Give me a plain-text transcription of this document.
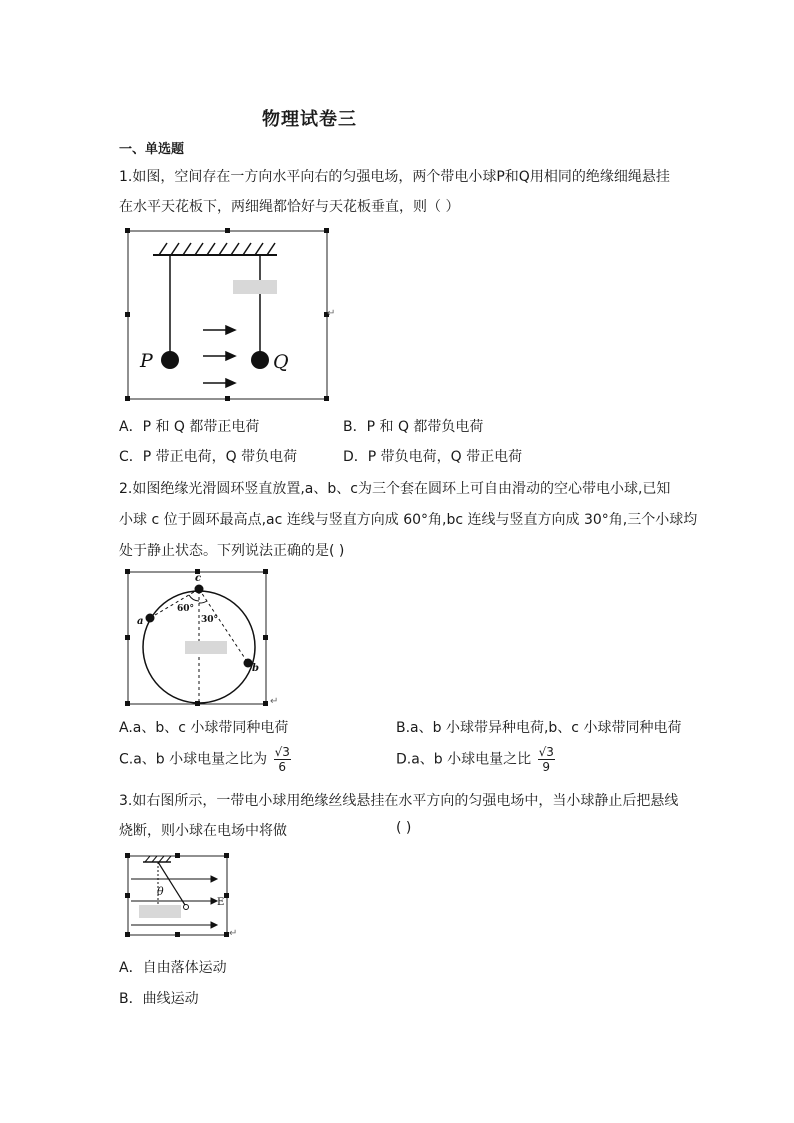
物理试卷三
一、单选题
1.如图，空间存在一方向水平向右的匀强电场，两个带电小球P和Q用相同的绝缘细绳悬挂
在水平天花板下，两细绳都恰好与天花板垂直，则（ ）
P	Q
↵
A．P 和 Q 都带正电荷	B．P 和 Q 都带负电荷
C．P 带正电荷，Q 带负电荷	D．P 带负电荷，Q 带正电荷
2.如图绝缘光滑圆环竖直放置,a、b、c为三个套在圆环上可自由滑动的空心带电小球,已知
小球 c 位于圆环最高点,ac 连线与竖直方向成 60°角,bc 连线与竖直方向成 30°角,三个小球均
处于静止状态。下列说法正确的是( )
c
a
b
60°
30°
↵
A.a、b、c 小球带同种电荷	B.a、b 小球带异种电荷,b、c 小球带同种电荷
C.a、b 小球电量之比为 $\frac{√3}{6}$	D.a、b 小球电量之比 $\frac{√3}{9}$
3.如右图所示，一带电小球用绝缘丝线悬挂在水平方向的匀强电场中，当小球静止后把悬线
烧断，则小球在电场中将做	( )
θ
E
↵
A．自由落体运动
B．曲线运动
